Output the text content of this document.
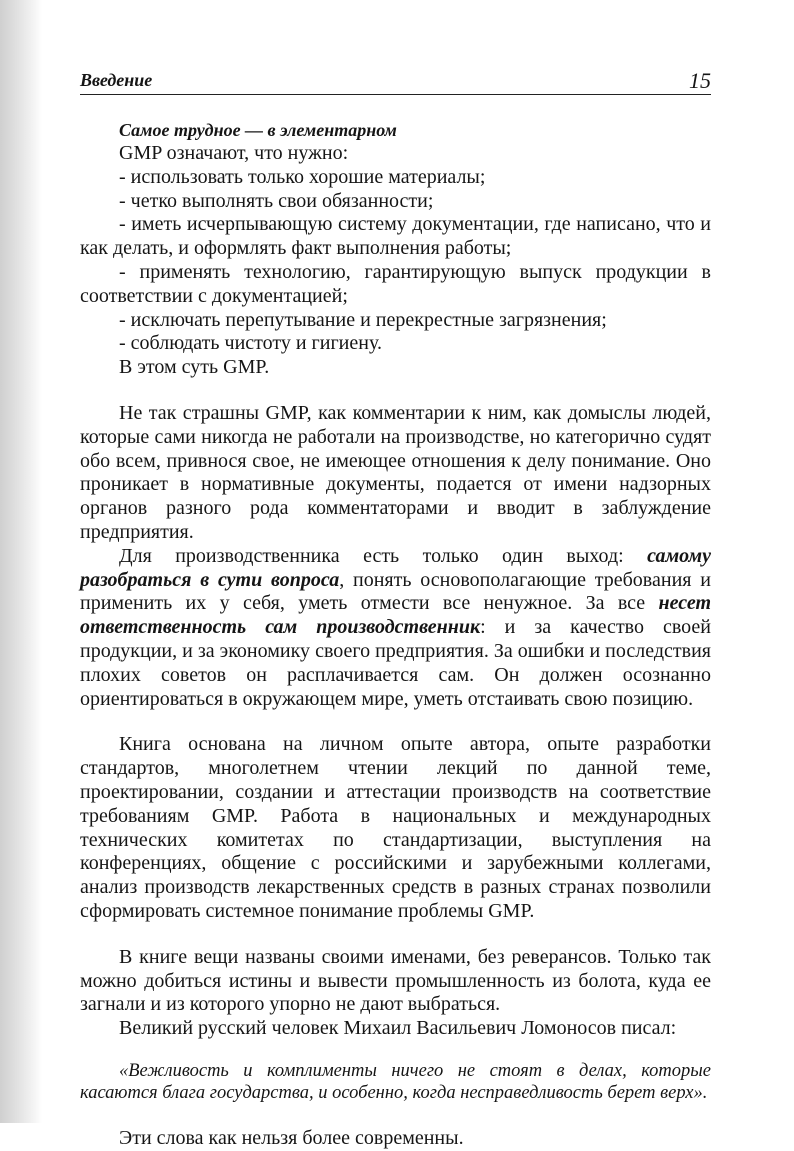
Введение	15
Самое трудное — в элементарном

GMP означают, что нужно:

- использовать только хорошие материалы;

- четко выполнять свои обязанности;

- иметь исчерпывающую систему документации, где написано, что и как делать, и оформлять факт выполнения работы;

- применять технологию, гарантирующую выпуск продукции в соответствии с документацией;

- исключать перепутывание и перекрестные загрязнения;

- соблюдать чистоту и гигиену.

В этом суть GMP.

Не так страшны GMP, как комментарии к ним, как домыслы людей, которые сами никогда не работали на производстве, но категорично судят обо всем, привнося свое, не имеющее отношения к делу понимание. Оно проникает в нормативные документы, подается от имени надзорных органов разного рода комментаторами и вводит в заблуждение предприятия.

Для производственника есть только один выход: самому разобраться в сути вопроса, понять основополагающие требования и применить их у себя, уметь отмести все ненужное. За все несет ответственность сам производственник: и за качество своей продукции, и за экономику своего предприятия. За ошибки и последствия плохих советов он расплачивается сам. Он должен осознанно ориентироваться в окружающем мире, уметь отстаивать свою позицию.

Книга основана на личном опыте автора, опыте разработки стандартов, многолетнем чтении лекций по данной теме, проектировании, создании и аттестации производств на соответствие требованиям GMP. Работа в национальных и международных технических комитетах по стандартизации, выступления на конференциях, общение с российскими и зарубежными коллегами, анализ производств лекарственных средств в разных странах позволили сформировать системное понимание проблемы GMP.

В книге вещи названы своими именами, без реверансов. Только так можно добиться истины и вывести промышленность из болота, куда ее загнали и из которого упорно не дают выбраться.

Великий русский человек Михаил Васильевич Ломоносов писал:

«Вежливость и комплименты ничего не стоят в делах, которые касаются блага государства, и особенно, когда несправедливость берет верх».

Эти слова как нельзя более современны.
